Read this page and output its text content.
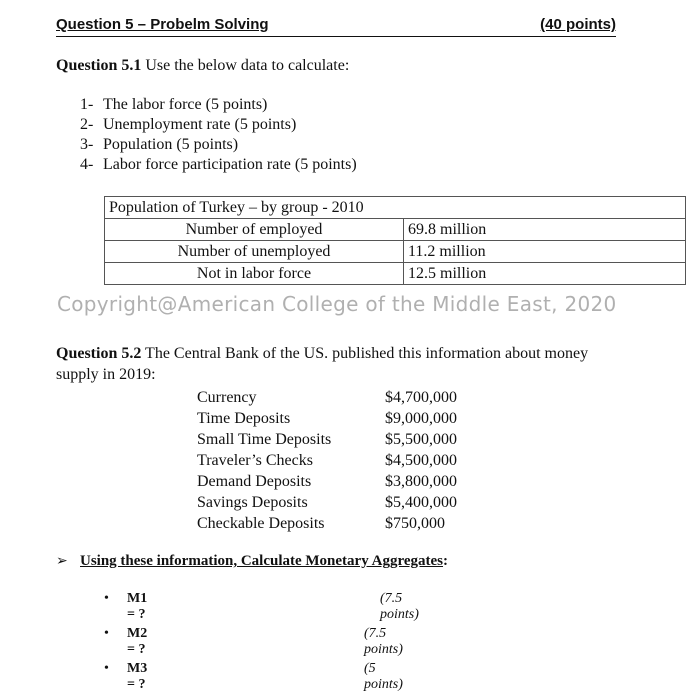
Question 5 – Probelm Solving	(40 points)
Question 5.1 Use the below data to calculate:
1- The labor force (5 points)
2- Unemployment rate (5 points)
3- Population (5 points)
4- Labor force participation rate (5 points)
Population of Turkey – by group - 2010	
Number of employed	69.8 million
Number of unemployed	11.2 million
Not in labor force	12.5 million
Copyright@American College of the Middle East, 2020
Question 5.2 The Central Bank of the US. published this information about money
supply in 2019:
Currency	$4,700,000
Time Deposits	$9,000,000
Small Time Deposits	$5,500,000
Traveler’s Checks	$4,500,000
Demand Deposits	$3,800,000
Savings Deposits	$5,400,000
Checkable Deposits	$750,000
➢ Using these information, Calculate Monetary Aggregates:
• M1 = ?
(7.5 points)
• M2 = ?
(7.5 points)
• M3 = ?
(5 points)
